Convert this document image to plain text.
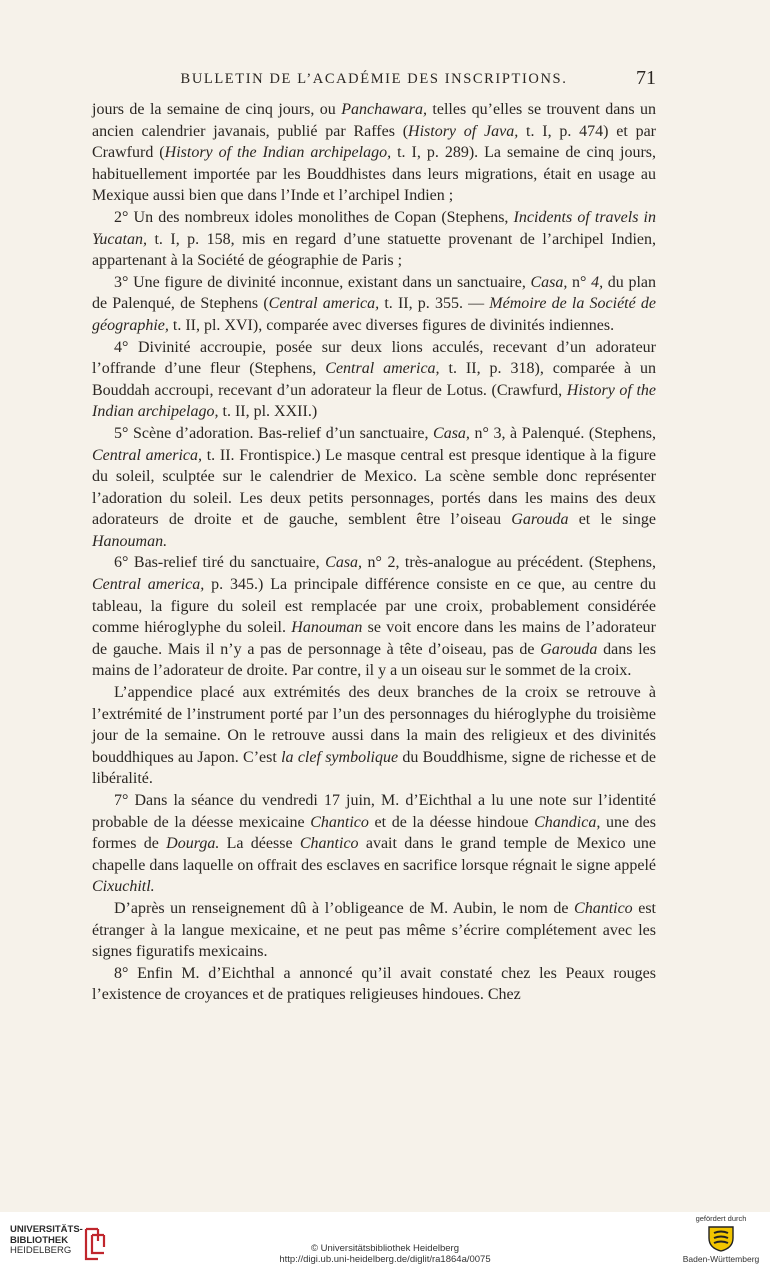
BULLETIN DE L’ACADÉMIE DES INSCRIPTIONS.	71

jours de la semaine de cinq jours, ou Panchawara, telles qu’elles se trouvent dans un ancien calendrier javanais, publié par Raffes (History of Java, t. I, p. 474) et par Crawfurd (History of the Indian archipelago, t. I, p. 289). La semaine de cinq jours, habituellement importée par les Bouddhistes dans leurs migrations, était en usage au Mexique aussi bien que dans l’Inde et l’archipel Indien ;

2° Un des nombreux idoles monolithes de Copan (Stephens, Incidents of travels in Yucatan, t. I, p. 158, mis en regard d’une statuette provenant de l’archipel Indien, appartenant à la Société de géographie de Paris ;

3° Une figure de divinité inconnue, existant dans un sanctuaire, Casa, n° 4, du plan de Palenqué, de Stephens (Central america, t. II, p. 355. — Mémoire de la Société de géographie, t. II, pl. XVI), comparée avec diverses figures de divinités indiennes.

4° Divinité accroupie, posée sur deux lions acculés, recevant d’un adorateur l’offrande d’une fleur (Stephens, Central america, t. II, p. 318), comparée à un Bouddah accroupi, recevant d’un adorateur la fleur de Lotus. (Crawfurd, History of the Indian archipelago, t. II, pl. XXII.)

5° Scène d’adoration. Bas-relief d’un sanctuaire, Casa, n° 3, à Palenqué. (Stephens, Central america, t. II. Frontispice.) Le masque central est presque identique à la figure du soleil, sculptée sur le calendrier de Mexico. La scène semble donc représenter l’adoration du soleil. Les deux petits personnages, portés dans les mains des deux adorateurs de droite et de gauche, semblent être l’oiseau Garouda et le singe Hanouman.

6° Bas-relief tiré du sanctuaire, Casa, n° 2, très-analogue au précédent. (Stephens, Central america, p. 345.) La principale différence consiste en ce que, au centre du tableau, la figure du soleil est remplacée par une croix, probablement considérée comme hiéroglyphe du soleil. Hanouman se voit encore dans les mains de l’adorateur de gauche. Mais il n’y a pas de personnage à tête d’oiseau, pas de Garouda dans les mains de l’adorateur de droite. Par contre, il y a un oiseau sur le sommet de la croix.

L’appendice placé aux extrémités des deux branches de la croix se retrouve à l’extrémité de l’instrument porté par l’un des personnages du hiéroglyphe du troisième jour de la semaine. On le retrouve aussi dans la main des religieux et des divinités bouddhiques au Japon. C’est la clef symbolique du Bouddhisme, signe de richesse et de libéralité.

7° Dans la séance du vendredi 17 juin, M. d’Eichthal a lu une note sur l’identité probable de la déesse mexicaine Chantico et de la déesse hindoue Chandica, une des formes de Dourga. La déesse Chantico avait dans le grand temple de Mexico une chapelle dans laquelle on offrait des esclaves en sacrifice lorsque régnait le signe appelé Cixuchitl.

D’après un renseignement dû à l’obligeance de M. Aubin, le nom de Chantico est étranger à la langue mexicaine, et ne peut pas même s’écrire complétement avec les signes figuratifs mexicains.

8° Enfin M. d’Eichthal a annoncé qu’il avait constaté chez les Peaux rouges l’existence de croyances et de pratiques religieuses hindoues. Chez

UNIVERSITÄTS-
BIBLIOTHEK
HEIDELBERG	© Universitätsbibliothek Heidelberg
http://digi.ub.uni-heidelberg.de/diglit/ra1864a/0075
gefördert durch
Baden-Württemberg
